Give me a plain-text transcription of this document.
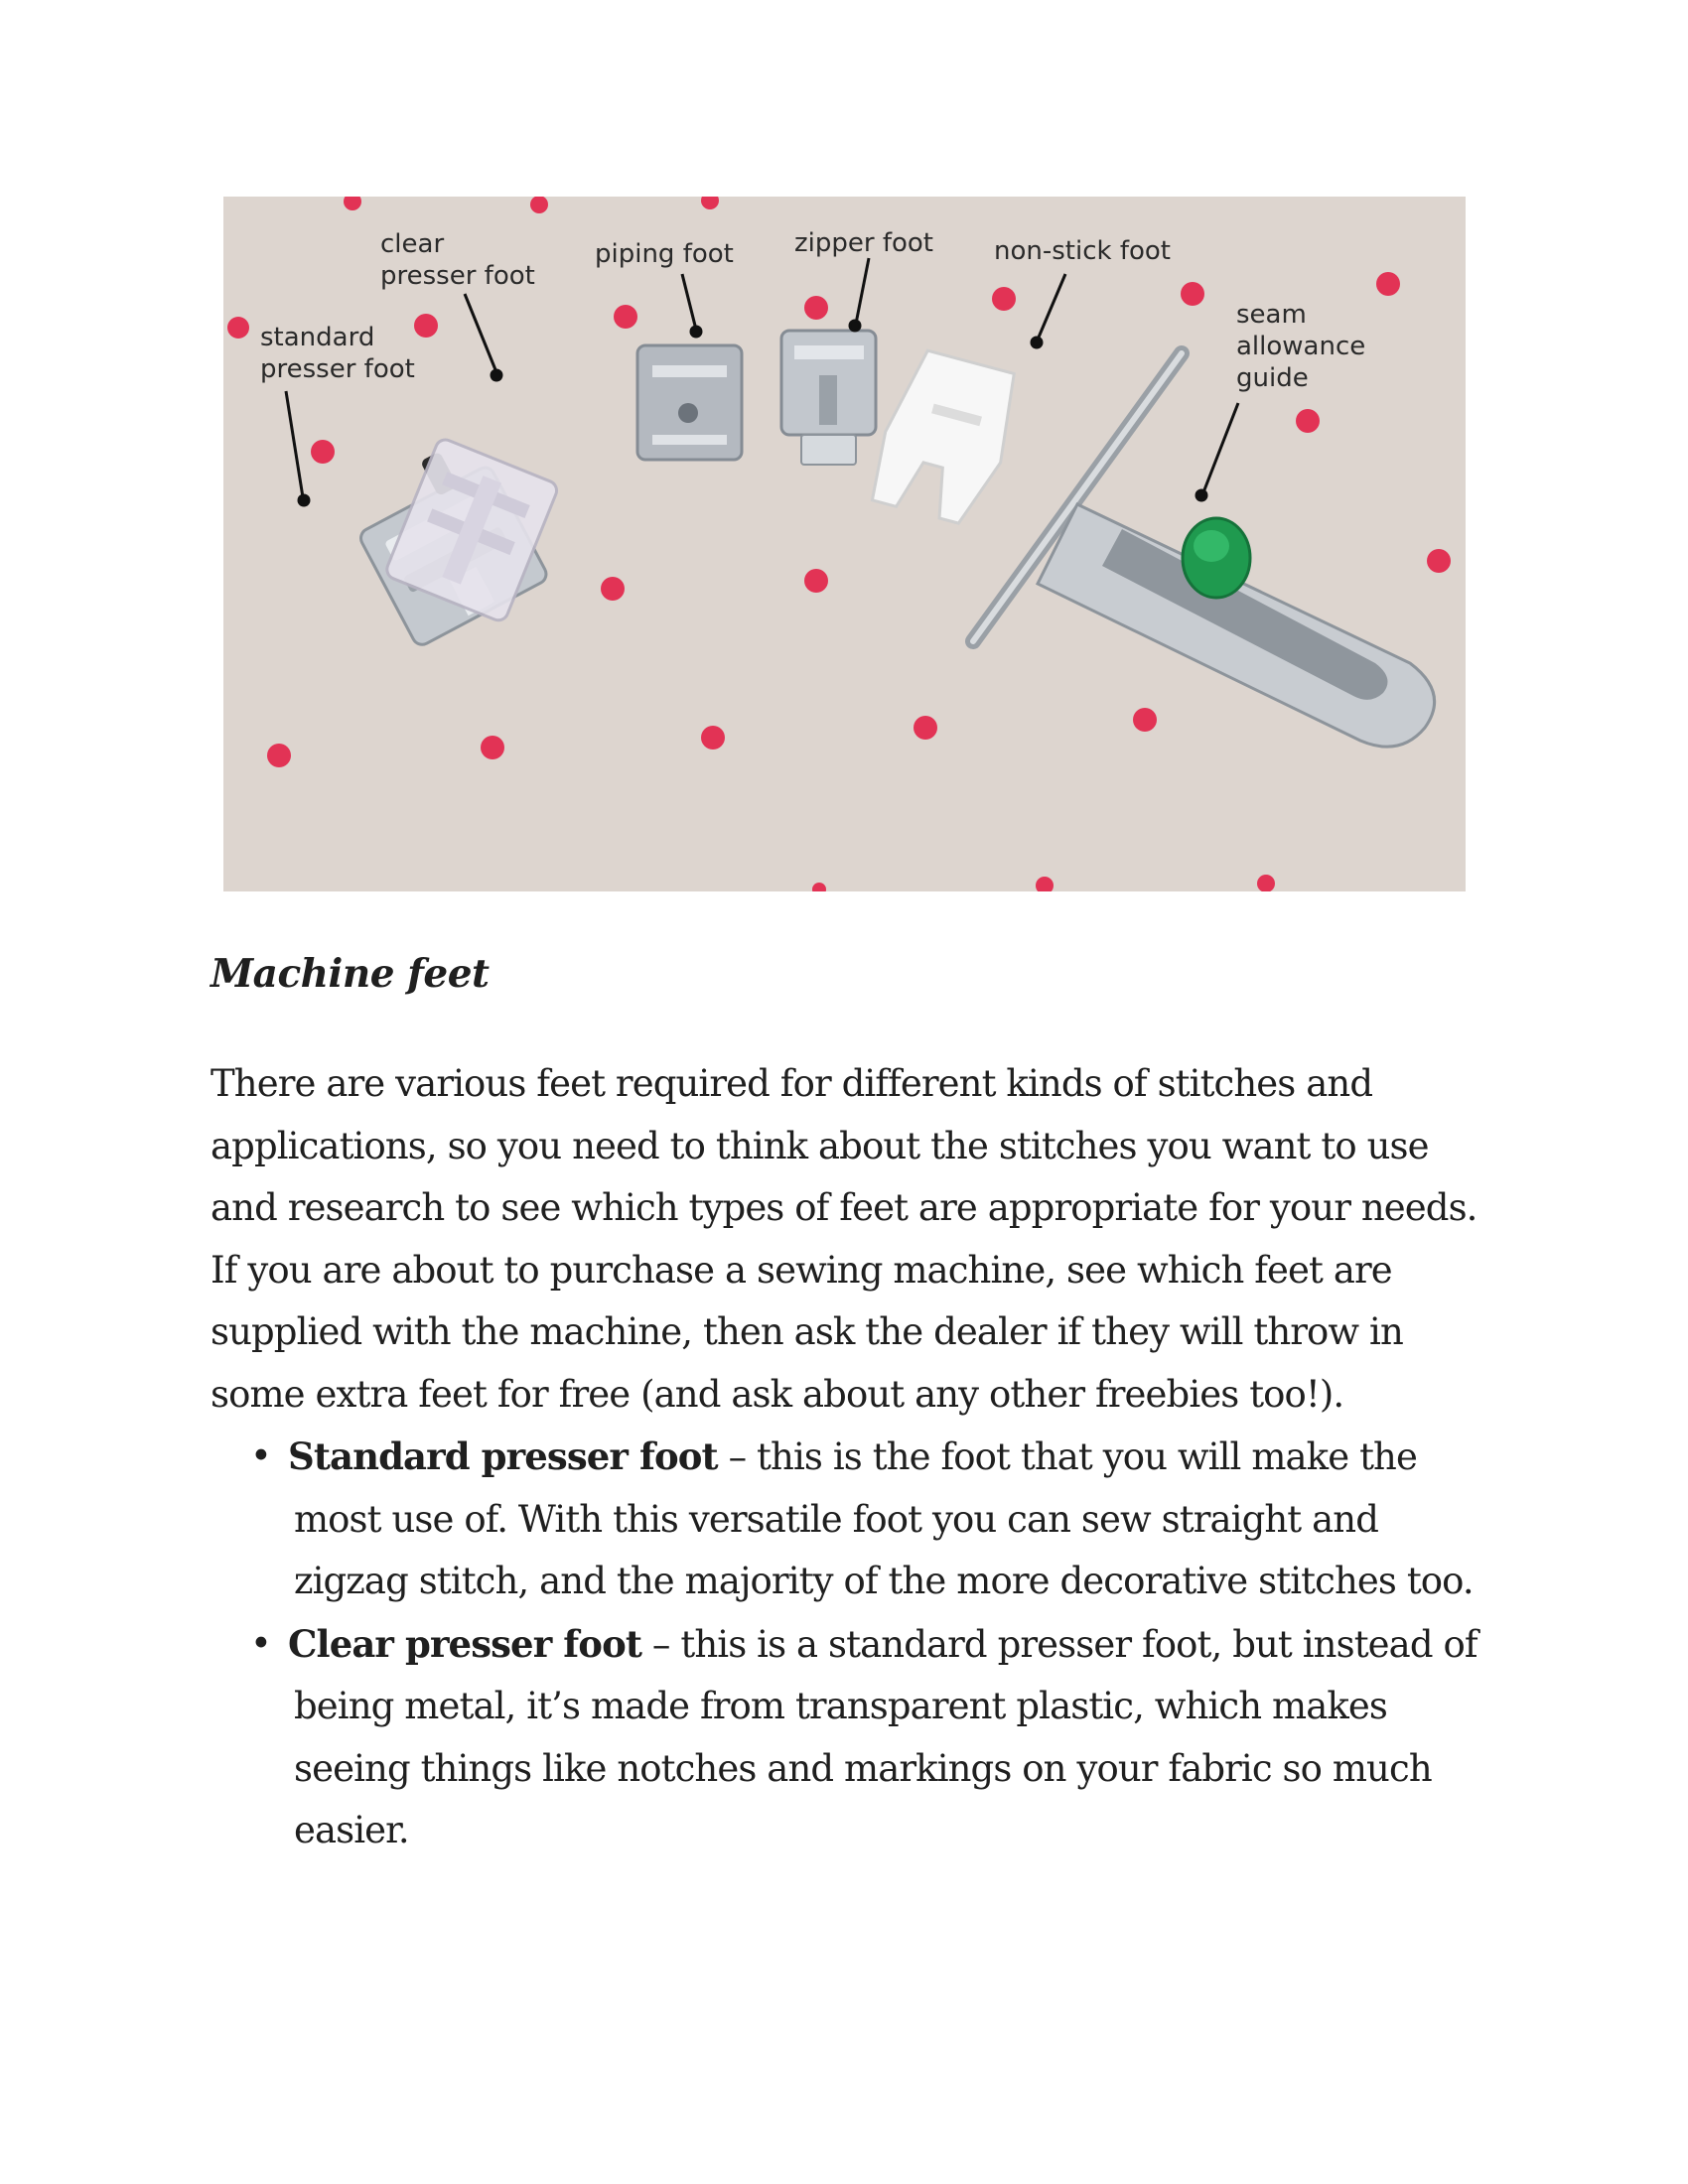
clear
presser foot
piping foot zipper foot non-stick foot
standard
presser foot
seam
allowance
guide
Machine feet

There are various feet required for different kinds of stitches and applications, so you need to think about the stitches you want to use and research to see which types of feet are appropriate for your needs. If you are about to purchase a sewing machine, see which feet are supplied with the machine, then ask the dealer if they will throw in some extra feet for free (and ask about any other freebies too!).

• Standard presser foot – this is the foot that you will make the most use of. With this versatile foot you can sew straight and zigzag stitch, and the majority of the more decorative stitches too.
• Clear presser foot – this is a standard presser foot, but instead of being metal, it’s made from transparent plastic, which makes seeing things like notches and markings on your fabric so much easier.
